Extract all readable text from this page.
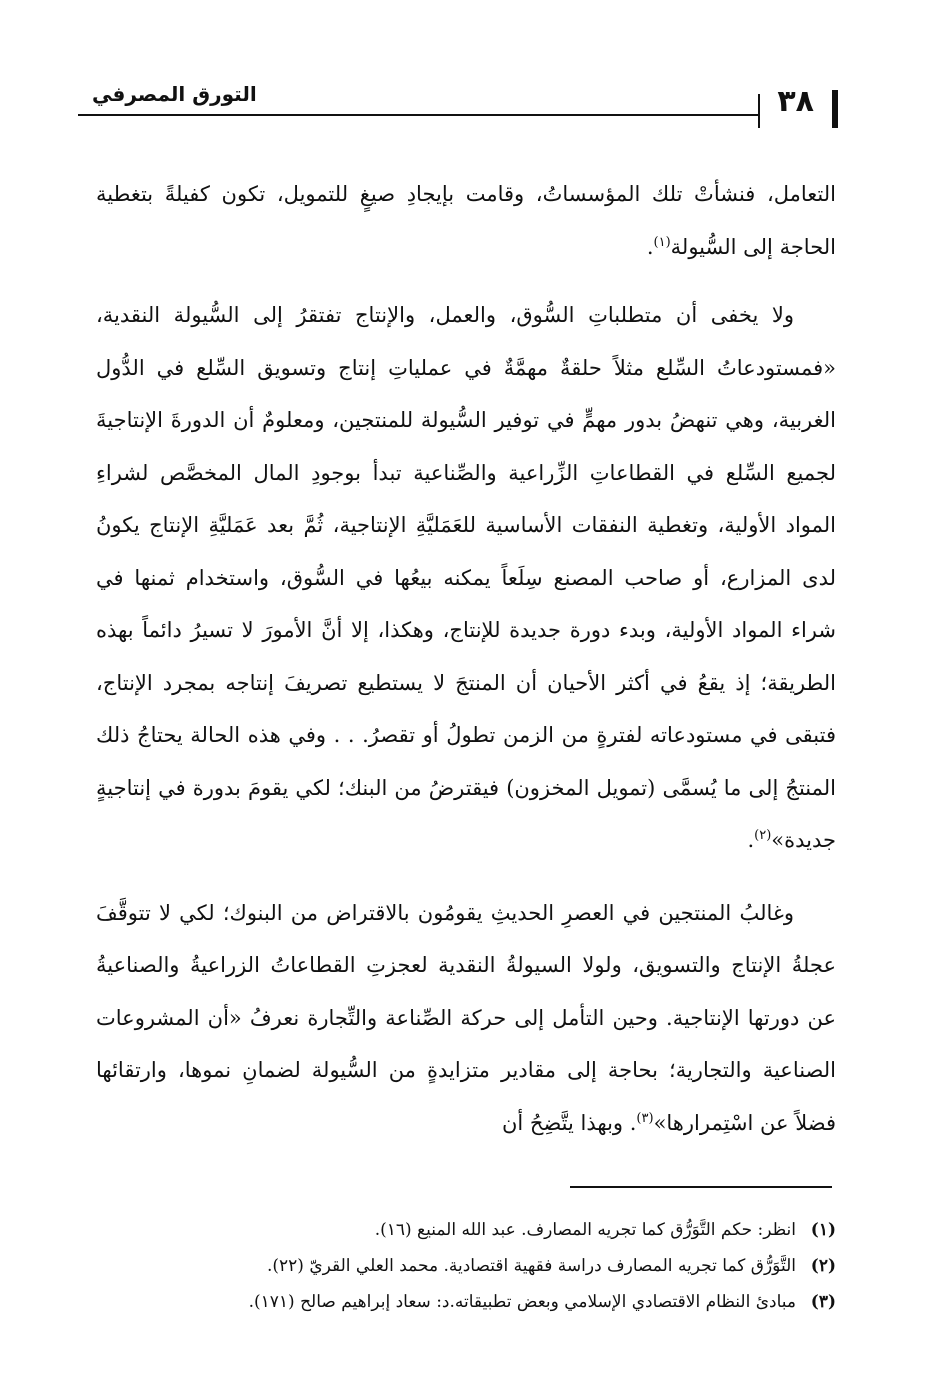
٣٨
التورق المصرفي

التعامل، فنشأتْ تلك المؤسساتُ، وقامت بإيجادِ صيغٍ للتمويل، تكون كفيلةً بتغطية الحاجة إلى السُّيولة$^{(١)}$.

ولا يخفى أن متطلباتِ السُّوق، والعمل، والإنتاج تفتقرُ إلى السُّيولة النقدية، «فمستودعاتُ السِّلع مثلاً حلقةٌ مهمَّةٌ في عملياتِ إنتاج وتسويق السِّلع في الدُّول الغربية، وهي تنهضُ بدور مهمٍّ في توفير السُّيولة للمنتجين، ومعلومٌ أن الدورةَ الإنتاجيةَ لجميع السِّلع في القطاعاتِ الزِّراعية والصِّناعية تبدأ بوجودِ المال المخصَّص لشراءِ المواد الأولية، وتغطية النفقات الأساسية للعَمَليَّةِ الإنتاجية، ثُمَّ بعد عَمَليَّةِ الإنتاج يكونُ لدى المزارع، أو صاحب المصنع سِلَعاً يمكنه بيعُها في السُّوق، واستخدام ثمنها في شراء المواد الأولية، وبدء دورة جديدة للإنتاج، وهكذا، إلا أنَّ الأمورَ لا تسيرُ دائماً بهذه الطريقة؛ إذ يقعُ في أكثر الأحيان أن المنتجَ لا يستطيع تصريفَ إنتاجه بمجرد الإنتاج، فتبقى في مستودعاته لفترةٍ من الزمن تطولُ أو تقصرُ. . . وفي هذه الحالة يحتاجُ ذلك المنتجُ إلى ما يُسمَّى (تمويل المخزون) فيقترضُ من البنك؛ لكي يقومَ بدورة في إنتاجيةٍ جديدة»$^{(٢)}$.

وغالبُ المنتجين في العصرِ الحديثِ يقومُون بالاقتراض من البنوك؛ لكي لا تتوقَّفَ عجلةُ الإنتاج والتسويق، ولولا السيولةُ النقدية لعجزتِ القطاعاتُ الزراعيةُ والصناعيةُ عن دورتها الإنتاجية. وحين التأمل إلى حركة الصِّناعة والتِّجارة نعرفُ «أن المشروعات الصناعية والتجارية؛ بحاجة إلى مقادير متزايدةٍ من السُّيولة لضمانِ نموها، وارتقائها فضلاً عن اسْتِمرارها»$^{(٣)}$. وبهذا يتَّضِحُ أن

(١)انظر: حكم التَّوَرُّق كما تجريه المصارف. عبد الله المنيع (١٦).
(٢)التَّوَرُّق كما تجريه المصارف دراسة فقهية اقتصادية. محمد العلي القريّ (٢٢).
(٣)مبادئ النظام الاقتصادي الإسلامي وبعض تطبيقاته.د: سعاد إبراهيم صالح (١٧١).
